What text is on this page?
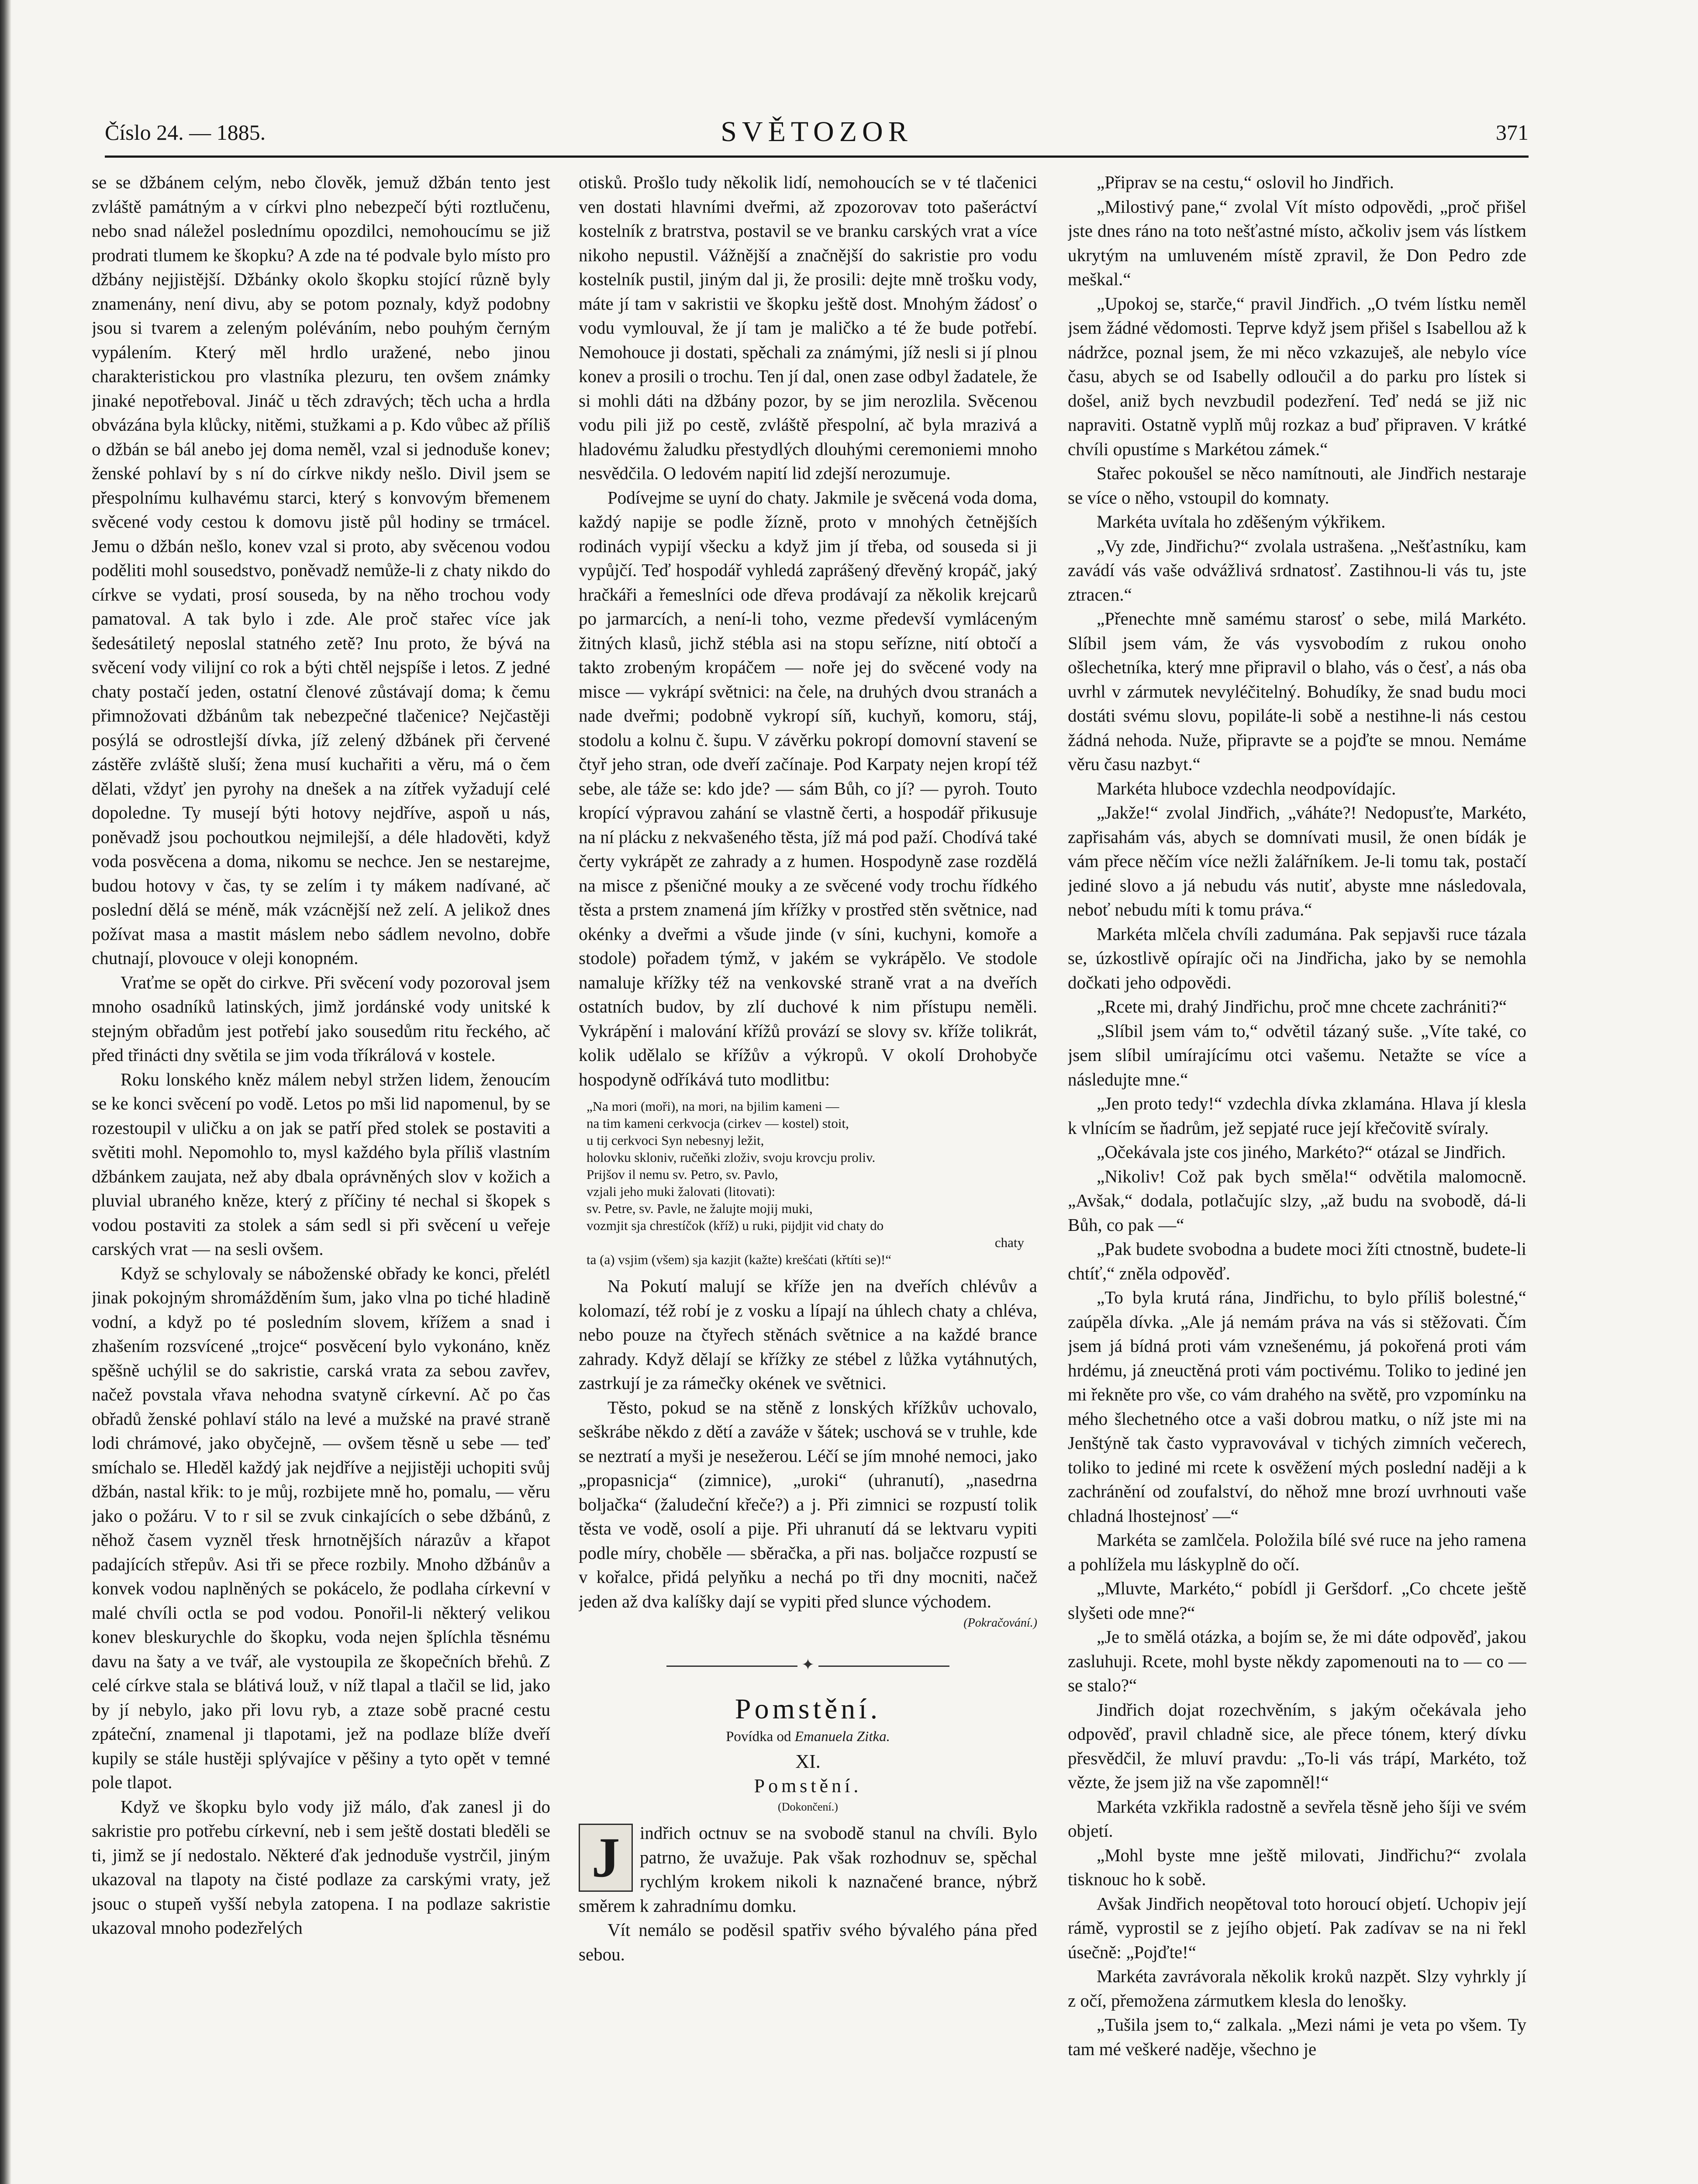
Číslo 24. — 1885.	SVĚTOZOR	371

se se džbánem celým, nebo člověk, jemuž džbán tento jest zvláště památným a v církvi plno nebezpečí býti roztlučenu, nebo snad náležel poslednímu opozdilci, nemohoucímu se již prodrati tlumem ke škopku? A zde na té podvale bylo místo pro džbány nejjistější. Džbánky okolo škopku stojící různě byly znamenány, není divu, aby se potom poznaly, když podobny jsou si tvarem a zeleným poléváním, nebo pouhým černým vypálením. Který měl hrdlo uražené, nebo jinou charakteristickou pro vlastníka plezuru, ten ovšem známky jinaké nepotřeboval. Jináč u těch zdravých; těch ucha a hrdla obvázána byla klůcky, nitěmi, stužkami a p. Kdo vůbec až příliš o džbán se bál anebo jej doma neměl, vzal si jednoduše konev; ženské pohlaví by s ní do církve nikdy nešlo. Divil jsem se přespolnímu kulhavému starci, který s konvovým břemenem svěcené vody cestou k domovu jistě půl hodiny se trmácel. Jemu o džbán nešlo, konev vzal si proto, aby svěcenou vodou poděliti mohl sousedstvo, poněvadž nemůže-li z chaty nikdo do církve se vydati, prosí souseda, by na něho trochou vody pamatoval. A tak bylo i zde. Ale proč stařec více jak šedesátiletý neposlal statného zetě? Inu proto, že bývá na svěcení vody vilijní co rok a býti chtěl nejspíše i letos. Z jedné chaty postačí jeden, ostatní členové zůstávají doma; k čemu přimnožovati džbánům tak nebezpečné tlačenice? Nejčastěji posýlá se odrostlejší dívka, jíž zelený džbánek při červené zástěře zvláště sluší; žena musí kuchařiti a věru, má o čem dělati, vždyť jen pyrohy na dnešek a na zítřek vyžadují celé dopoledne. Ty musejí býti hotovy nejdříve, aspoň u nás, poněvadž jsou pochoutkou nejmilejší, a déle hladověti, když voda posvěcena a doma, nikomu se nechce. Jen se nestarejme, budou hotovy v čas, ty se zelím i ty mákem nadívané, ač poslední dělá se méně, mák vzácnější než zelí. A jelikož dnes požívat masa a mastit máslem nebo sádlem nevolno, dobře chutnají, plovouce v oleji konopném.

Vraťme se opět do cirkve. Při svěcení vody pozoroval jsem mnoho osadníků latinských, jimž jordánské vody unitské k stejným obřadům jest potřebí jako sousedům ritu řeckého, ač před třinácti dny světila se jim voda tříkrálová v kostele.

Roku lonského kněz málem nebyl stržen lidem, ženoucím se ke konci svěcení po vodě. Letos po mši lid napomenul, by se rozestoupil v uličku a on jak se patří před stolek se postaviti a světiti mohl. Nepomohlo to, mysl každého byla příliš vlastním džbánkem zaujata, než aby dbala oprávněných slov v kožich a pluvial ubraného kněze, který z příčiny té nechal si škopek s vodou postaviti za stolek a sám sedl si při svěcení u veřeje carských vrat — na sesli ovšem.

Když se schylovaly se náboženské obřady ke konci, přelétl jinak pokojným shromážděním šum, jako vlna po tiché hladině vodní, a když po té posledním slovem, křížem a snad i zhašením rozsvícené „trojce“ posvěcení bylo vykonáno, kněz spěšně uchýlil se do sakristie, carská vrata za sebou zavřev, načež povstala vřava nehodna svatyně církevní. Ač po čas obřadů ženské pohlaví stálo na levé a mužské na pravé straně lodi chrámové, jako obyčejně, — ovšem těsně u sebe — teď smíchalo se. Hleděl každý jak nejdříve a nejjistěji uchopiti svůj džbán, nastal křik: to je můj, rozbijete mně ho, pomalu, — věru jako o požáru. V to r sil se zvuk cinkajících o sebe džbánů, z něhož časem vyzněl třesk hrnotnějších nárazův a křapot padajících střepův. Asi tři se přece rozbily. Mnoho džbánův a konvek vodou naplněných se pokácelo, že podlaha církevní v malé chvíli octla se pod vodou. Ponořil-li některý velikou konev bleskurychle do škopku, voda nejen šplíchla těsnému davu na šaty a ve tvář, ale vystoupila ze škopečních břehů. Z celé církve stala se blátivá louž, v níž tlapal a tlačil se lid, jako by jí nebylo, jako při lovu ryb, a ztaze sobě pracné cestu zpáteční, znamenal ji tlapotami, jež na podlaze blíže dveří kupily se stále hustěji splývajíce v pěšiny a tyto opět v temné pole tlapot.

Když ve škopku bylo vody již málo, ďak zanesl ji do sakristie pro potřebu církevní, neb i sem ještě dostati bleděli se ti, jimž se jí nedostalo. Některé ďak jednoduše vystrčil, jiným ukazoval na tlapoty na čisté podlaze za carskými vraty, jež jsouc o stupeň vyšší nebyla zatopena. I na podlaze sakristie ukazoval mnoho podezřelých

otisků. Prošlo tudy několik lidí, nemohoucích se v té tlačenici ven dostati hlavními dveřmi, až zpozorovav toto pašeráctví kostelník z bratrstva, postavil se ve branku carských vrat a více nikoho nepustil. Vážnější a značnější do sakristie pro vodu kostelník pustil, jiným dal ji, že prosili: dejte mně trošku vody, máte jí tam v sakristii ve škopku ještě dost. Mnohým žádosť o vodu vymlouval, že jí tam je maličko a té že bude potřebí. Nemohouce ji dostati, spěchali za známými, jíž nesli si jí plnou konev a prosili o trochu. Ten jí dal, onen zase odbyl žadatele, že si mohli dáti na džbány pozor, by se jim nerozlila. Svěcenou vodu pili již po cestě, zvláště přespolní, ač byla mrazivá a hladovému žaludku přestydlých dlouhými ceremoniemi mnoho nesvědčila. O ledovém napití lid zdejší nerozumuje.

Podívejme se uyní do chaty. Jakmile je svěcená voda doma, každý napije se podle žízně, proto v mnohých četnějších rodinách vypijí všecku a když jim jí třeba, od souseda si ji vypůjčí. Teď hospodář vyhledá zaprášený dřevěný kropáč, jaký hračkáři a řemeslníci ode dřeva prodávají za několik krejcarů po jarmarcích, a není-li toho, vezme předevší vymláceným žitných klasů, jichž stébla asi na stopu seřízne, nití obtočí a takto zrobeným kropáčem — noře jej do svěcené vody na misce — vykrápí světnici: na čele, na druhých dvou stranách a nade dveřmi; podobně vykropí síň, kuchyň, komoru, stáj, stodolu a kolnu č. šupu. V závěrku pokropí domovní stavení se čtyř jeho stran, ode dveří začínaje. Pod Karpaty nejen kropí též sebe, ale táže se: kdo jde? — sám Bůh, co jí? — pyroh. Touto kropící výpravou zahání se vlastně čerti, a hospodář přikusuje na ní plácku z nekvašeného těsta, jíž má pod paží. Chodívá také čerty vykrápět ze zahrady a z humen. Hospodyně zase rozdělá na misce z pšeničné mouky a ze svěcené vody trochu řídkého těsta a prstem znamená jím křížky v prostřed stěn světnice, nad okénky a dveřmi a všude jinde (v síni, kuchyni, komoře a stodole) pořadem týmž, v jakém se vykrápělo. Ve stodole namaluje křížky též na venkovské straně vrat a na dveřích ostatních budov, by zlí duchové k nim přístupu neměli. Vykrápění i malování křížů provází se slovy sv. kříže tolikrát, kolik udělalo se křížův a výkropů. V okolí Drohobyče hospodyně odříkává tuto modlitbu:

„Na mori (moři), na mori, na bjilim kameni —
na tim kameni cerkvocja (cirkev — kostel) stoit,
u tij cerkvoci Syn nebesnyj ležit,
holovku skloniv, ručeňki zloživ, svoju krovcju proliv.
Prijšov il nemu sv. Petro, sv. Pavlo,
vzjali jeho muki žalovati (litovati):
sv. Petre, sv. Pavle, ne žalujte mojij muki,
vozmjit sja chrestíčok (kříž) u ruki, pijdjit vid chaty do
chaty
ta (a) vsjim (všem) sja kazjit (kažte) krešćati (křtíti se)!“

Na Pokutí malují se kříže jen na dveřích chlévův a kolomazí, též robí je z vosku a lípají na úhlech chaty a chléva, nebo pouze na čtyřech stěnách světnice a na každé brance zahrady. Když dělají se křížky ze stébel z lůžka vytáhnutých, zastrkují je za rámečky okének ve světnici.

Těsto, pokud se na stěně z lonských křížkův uchovalo, seškrábe někdo z dětí a zaváže v šátek; uschová se v truhle, kde se neztratí a myši je nesežerou. Léčí se jím mnohé nemoci, jako „propasnicja“ (zimnice), „uroki“ (uhranutí), „nasedrna boljačka“ (žaludeční křeče?) a j. Při zimnici se rozpustí tolik těsta ve vodě, osolí a pije. Při uhranutí dá se lektvaru vypiti podle míry, choběle — sběračka, a při nas. boljačce rozpustí se v kořalce, přidá pelyňku a nechá po tři dny mocniti, načež jeden až dva kalíšky dají se vypiti před slunce východem.

(Pokračování.)
✦
Pomstění.
Povídka od Emanuela Zitka.
XI.
Pomstění.
(Dokončení.)

J	indřich octnuv se na svobodě stanul na chvíli. Bylo patrno, že uvažuje. Pak však rozhodnuv se, spěchal rychlým krokem nikoli k naznačené brance, nýbrž směrem k zahradnímu domku.

Vít nemálo se poděsil spatřiv svého bývalého pána před sebou.

„Připrav se na cestu,“ oslovil ho Jindřich.

„Milostivý pane,“ zvolal Vít místo odpovědi, „proč přišel jste dnes ráno na toto nešťastné místo, ačkoliv jsem vás lístkem ukrytým na umluveném místě zpravil, že Don Pedro zde meškal.“

„Upokoj se, starče,“ pravil Jindřich. „O tvém lístku neměl jsem žádné vědomosti. Teprve když jsem přišel s Isabellou až k nádržce, poznal jsem, že mi něco vzkazuješ, ale nebylo více času, abych se od Isabelly odloučil a do parku pro lístek si došel, aniž bych nevzbudil podezření. Teď nedá se již nic napraviti. Ostatně vyplň můj rozkaz a buď připraven. V krátké chvíli opustíme s Markétou zámek.“

Stařec pokoušel se něco namítnouti, ale Jindřich nestaraje se více o něho, vstoupil do komnaty.

Markéta uvítala ho zděšeným výkřikem.

„Vy zde, Jindřichu?“ zvolala ustrašena. „Nešťastníku, kam zavádí vás vaše odvážlivá srdnatosť. Zastihnou-li vás tu, jste ztracen.“

„Přenechte mně samému starosť o sebe, milá Markéto. Slíbil jsem vám, že vás vysvobodím z rukou onoho ošlechetníka, který mne připravil o blaho, vás o česť, a nás oba uvrhl v zármutek nevyléčitelný. Bohudíky, že snad budu moci dostáti svému slovu, popiláte-li sobě a nestihne-li nás cestou žádná nehoda. Nuže, připravte se a pojďte se mnou. Nemáme věru času nazbyt.“

Markéta hluboce vzdechla neodpovídajíc.

„Jakže!“ zvolal Jindřich, „váháte?! Nedopusťte, Markéto, zapřisahám vás, abych se domnívati musil, že onen bídák je vám přece něčím více nežli žalářníkem. Je-li tomu tak, postačí jediné slovo a já nebudu vás nutiť, abyste mne následovala, neboť nebudu míti k tomu práva.“

Markéta mlčela chvíli zadumána. Pak sepjavši ruce tázala se, úzkostlivě opírajíc oči na Jindřicha, jako by se nemohla dočkati jeho odpovědi.

„Rcete mi, drahý Jindřichu, proč mne chcete zachrániti?“

„Slíbil jsem vám to,“ odvětil tázaný suše. „Víte také, co jsem slíbil umírajícímu otci vašemu. Netažte se více a následujte mne.“

„Jen proto tedy!“ vzdechla dívka zklamána. Hlava jí klesla k vlnícím se ňadrům, jež sepjaté ruce její křečovitě svíraly.

„Očekávala jste cos jiného, Markéto?“ otázal se Jindřich.

„Nikoliv! Což pak bych směla!“ odvětila malomocně. „Avšak,“ dodala, potlačujíc slzy, „až budu na svobodě, dá-li Bůh, co pak —“

„Pak budete svobodna a budete moci žíti ctnostně, budete-li chtíť,“ zněla odpověď.

„To byla krutá rána, Jindřichu, to bylo příliš bolestné,“ zaúpěla dívka. „Ale já nemám práva na vás si stěžovati. Čím jsem já bídná proti vám vznešenému, já pokořená proti vám hrdému, já zneuctěná proti vám poctivému. Toliko to jediné jen mi řekněte pro vše, co vám drahého na světě, pro vzpomínku na mého šlechetného otce a vaši dobrou matku, o níž jste mi na Jenštýně tak často vypravovával v tichých zimních večerech, toliko to jediné mi rcete k osvěžení mých poslední naději a k zachránění od zoufalství, do něhož mne brozí uvrhnouti vaše chladná lhostejnosť —“

Markéta se zamlčela. Položila bílé své ruce na jeho ramena a pohlížela mu láskyplně do očí.

„Mluvte, Markéto,“ pobídl ji Geršdorf. „Co chcete ještě slyšeti ode mne?“

„Je to smělá otázka, a bojím se, že mi dáte odpověď, jakou zasluhuji. Rcete, mohl byste někdy zapomenouti na to — co — se stalo?“

Jindřich dojat rozechvěním, s jakým očekávala jeho odpověď, pravil chladně sice, ale přece tónem, který dívku přesvědčil, že mluví pravdu: „To-li vás trápí, Markéto, tož vězte, že jsem již na vše zapomněl!“

Markéta vzkřikla radostně a sevřela těsně jeho šíji ve svém objetí.

„Mohl byste mne ještě milovati, Jindřichu?“ zvolala tisknouc ho k sobě.

Avšak Jindřich neopětoval toto horoucí objetí. Uchopiv její rámě, vyprostil se z jejího objetí. Pak zadívav se na ni řekl úsečně: „Pojďte!“

Markéta zavrávorala několik kroků nazpět. Slzy vyhrkly jí z očí, přemožena zármutkem klesla do lenošky.

„Tušila jsem to,“ zalkala. „Mezi námi je veta po všem. Ty tam mé veškeré naděje, všechno je
